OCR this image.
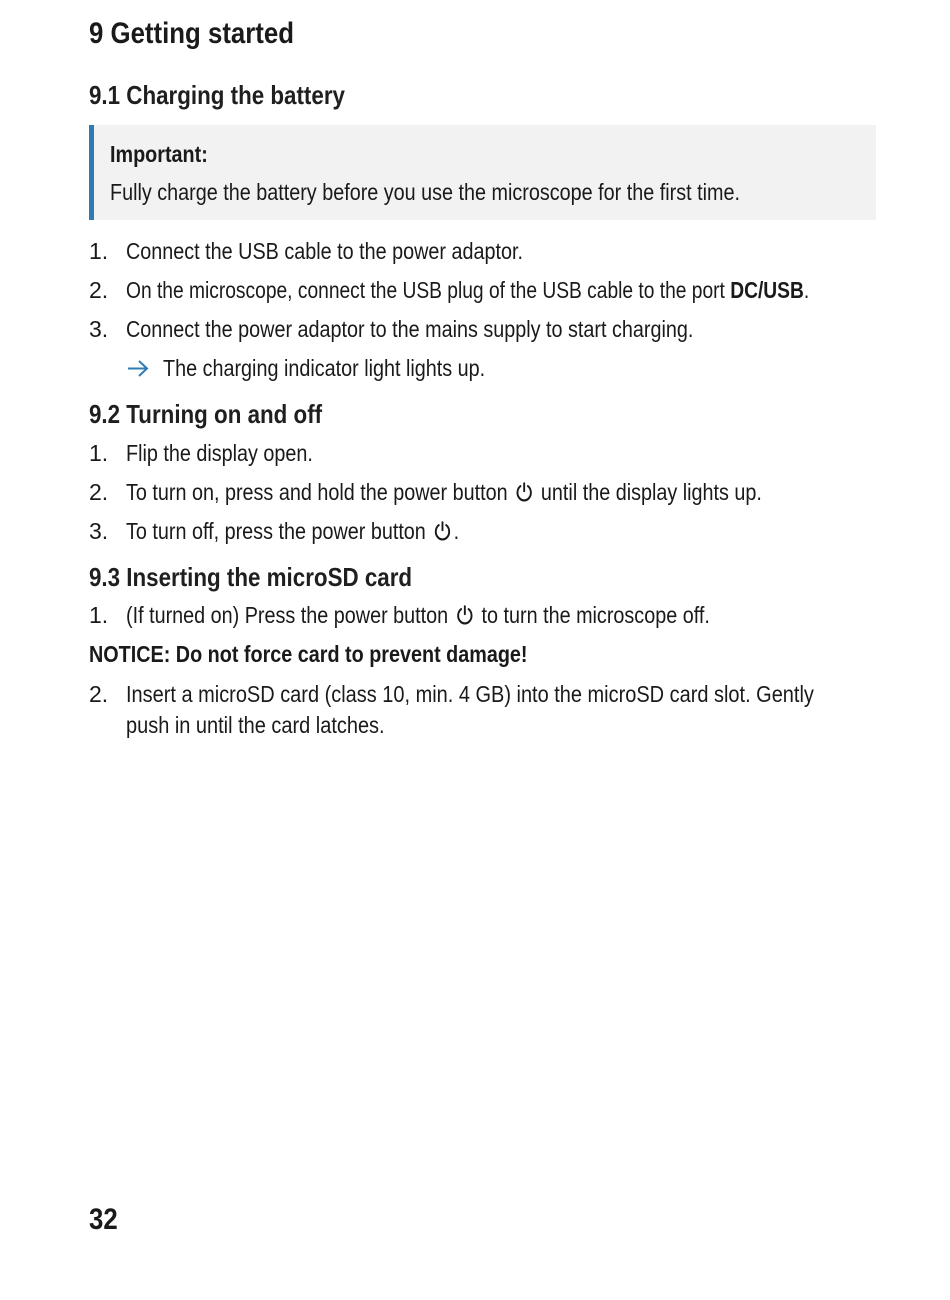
9 Getting started
9.1 Charging the battery
Important:
Fully charge the battery before you use the microscope for the first time.
1. Connect the USB cable to the power adaptor.
2. On the microscope, connect the USB plug of the USB cable to the port DC/USB.
3. Connect the power adaptor to the mains supply to start charging.
The charging indicator light lights up.
9.2 Turning on and off
1. Flip the display open.
2. To turn on, press and hold the power button until the display lights up.
3. To turn off, press the power button .
9.3 Inserting the microSD card
1. (If turned on) Press the power button to turn the microscope off.
NOTICE: Do not force card to prevent damage!
2. Insert a microSD card (class 10, min. 4 GB) into the microSD card slot. Gently
push in until the card latches.
32
